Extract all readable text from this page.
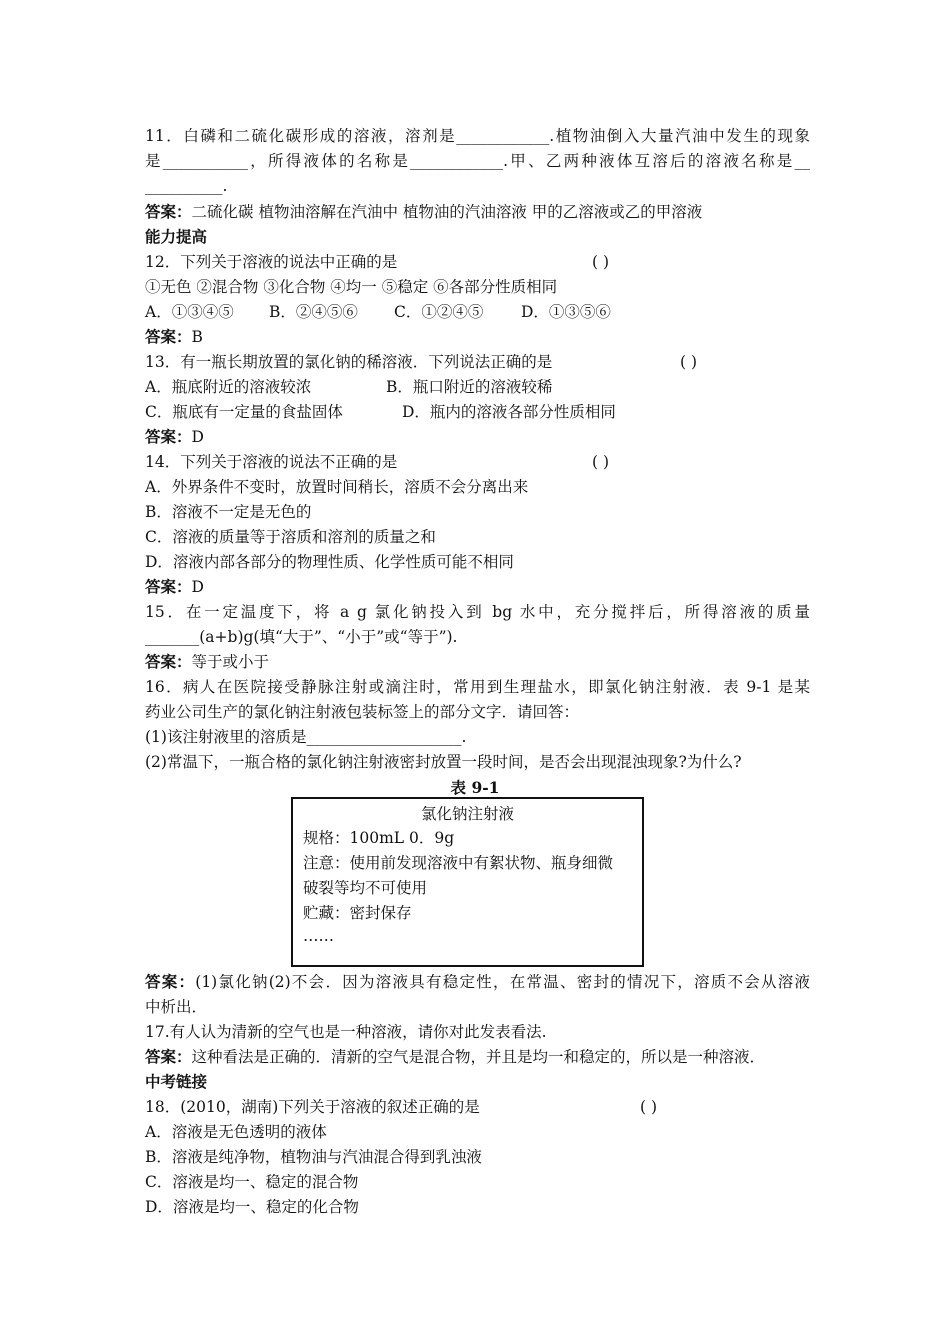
11．白磷和二硫化碳形成的溶液，溶剂是____________.植物油倒入大量汽油中发生的现象
是___________，所得液体的名称是____________.甲、乙两种液体互溶后的溶液名称是__
__________.
答案：二硫化碳 植物油溶解在汽油中 植物油的汽油溶液 甲的乙溶液或乙的甲溶液
能力提高
12．下列关于溶液的说法中正确的是	( )
①无色 ②混合物 ③化合物 ④均一 ⑤稳定 ⑥各部分性质相同
A．①③④⑤ B．②④⑤⑥ C．①②④⑤ D．①③⑤⑥
答案：B
13．有一瓶长期放置的氯化钠的稀溶液．下列说法正确的是	( )
A．瓶底附近的溶液较浓	B．瓶口附近的溶液较稀
C．瓶底有一定量的食盐固体	D．瓶内的溶液各部分性质相同
答案：D
14．下列关于溶液的说法不正确的是	( )
A．外界条件不变时，放置时间稍长，溶质不会分离出来
B．溶液不一定是无色的
C．溶液的质量等于溶质和溶剂的质量之和
D．溶液内部各部分的物理性质、化学性质可能不相同
答案：D
15．在一定温度下，将 a g 氯化钠投入到 bg 水中，充分搅拌后，所得溶液的质量
_______(a+b)g(填“大于”、“小于”或“等于”).
答案：等于或小于
16．病人在医院接受静脉注射或滴注时，常用到生理盐水，即氯化钠注射液．表 9-1 是某
药业公司生产的氯化钠注射液包装标签上的部分文字．请回答：
(1)该注射液里的溶质是____________________.
(2)常温下，一瓶合格的氯化钠注射液密封放置一段时间，是否会出现混浊现象?为什么?
表 9-1
氯化钠注射液
规格：100mL 0．9g
注意：使用前发现溶液中有絮状物、瓶身细微
破裂等均不可使用
贮藏：密封保存
……
答案：(1)氯化钠(2)不会．因为溶液具有稳定性，在常温、密封的情况下，溶质不会从溶液
中析出．
17.有人认为清新的空气也是一种溶液，请你对此发表看法.
答案：这种看法是正确的．清新的空气是混合物，并且是均一和稳定的，所以是一种溶液．
中考链接
18．(2010，湖南)下列关于溶液的叙述正确的是	( )
A．溶液是无色透明的液体
B．溶液是纯净物，植物油与汽油混合得到乳浊液
C．溶液是均一、稳定的混合物
D．溶液是均一、稳定的化合物
